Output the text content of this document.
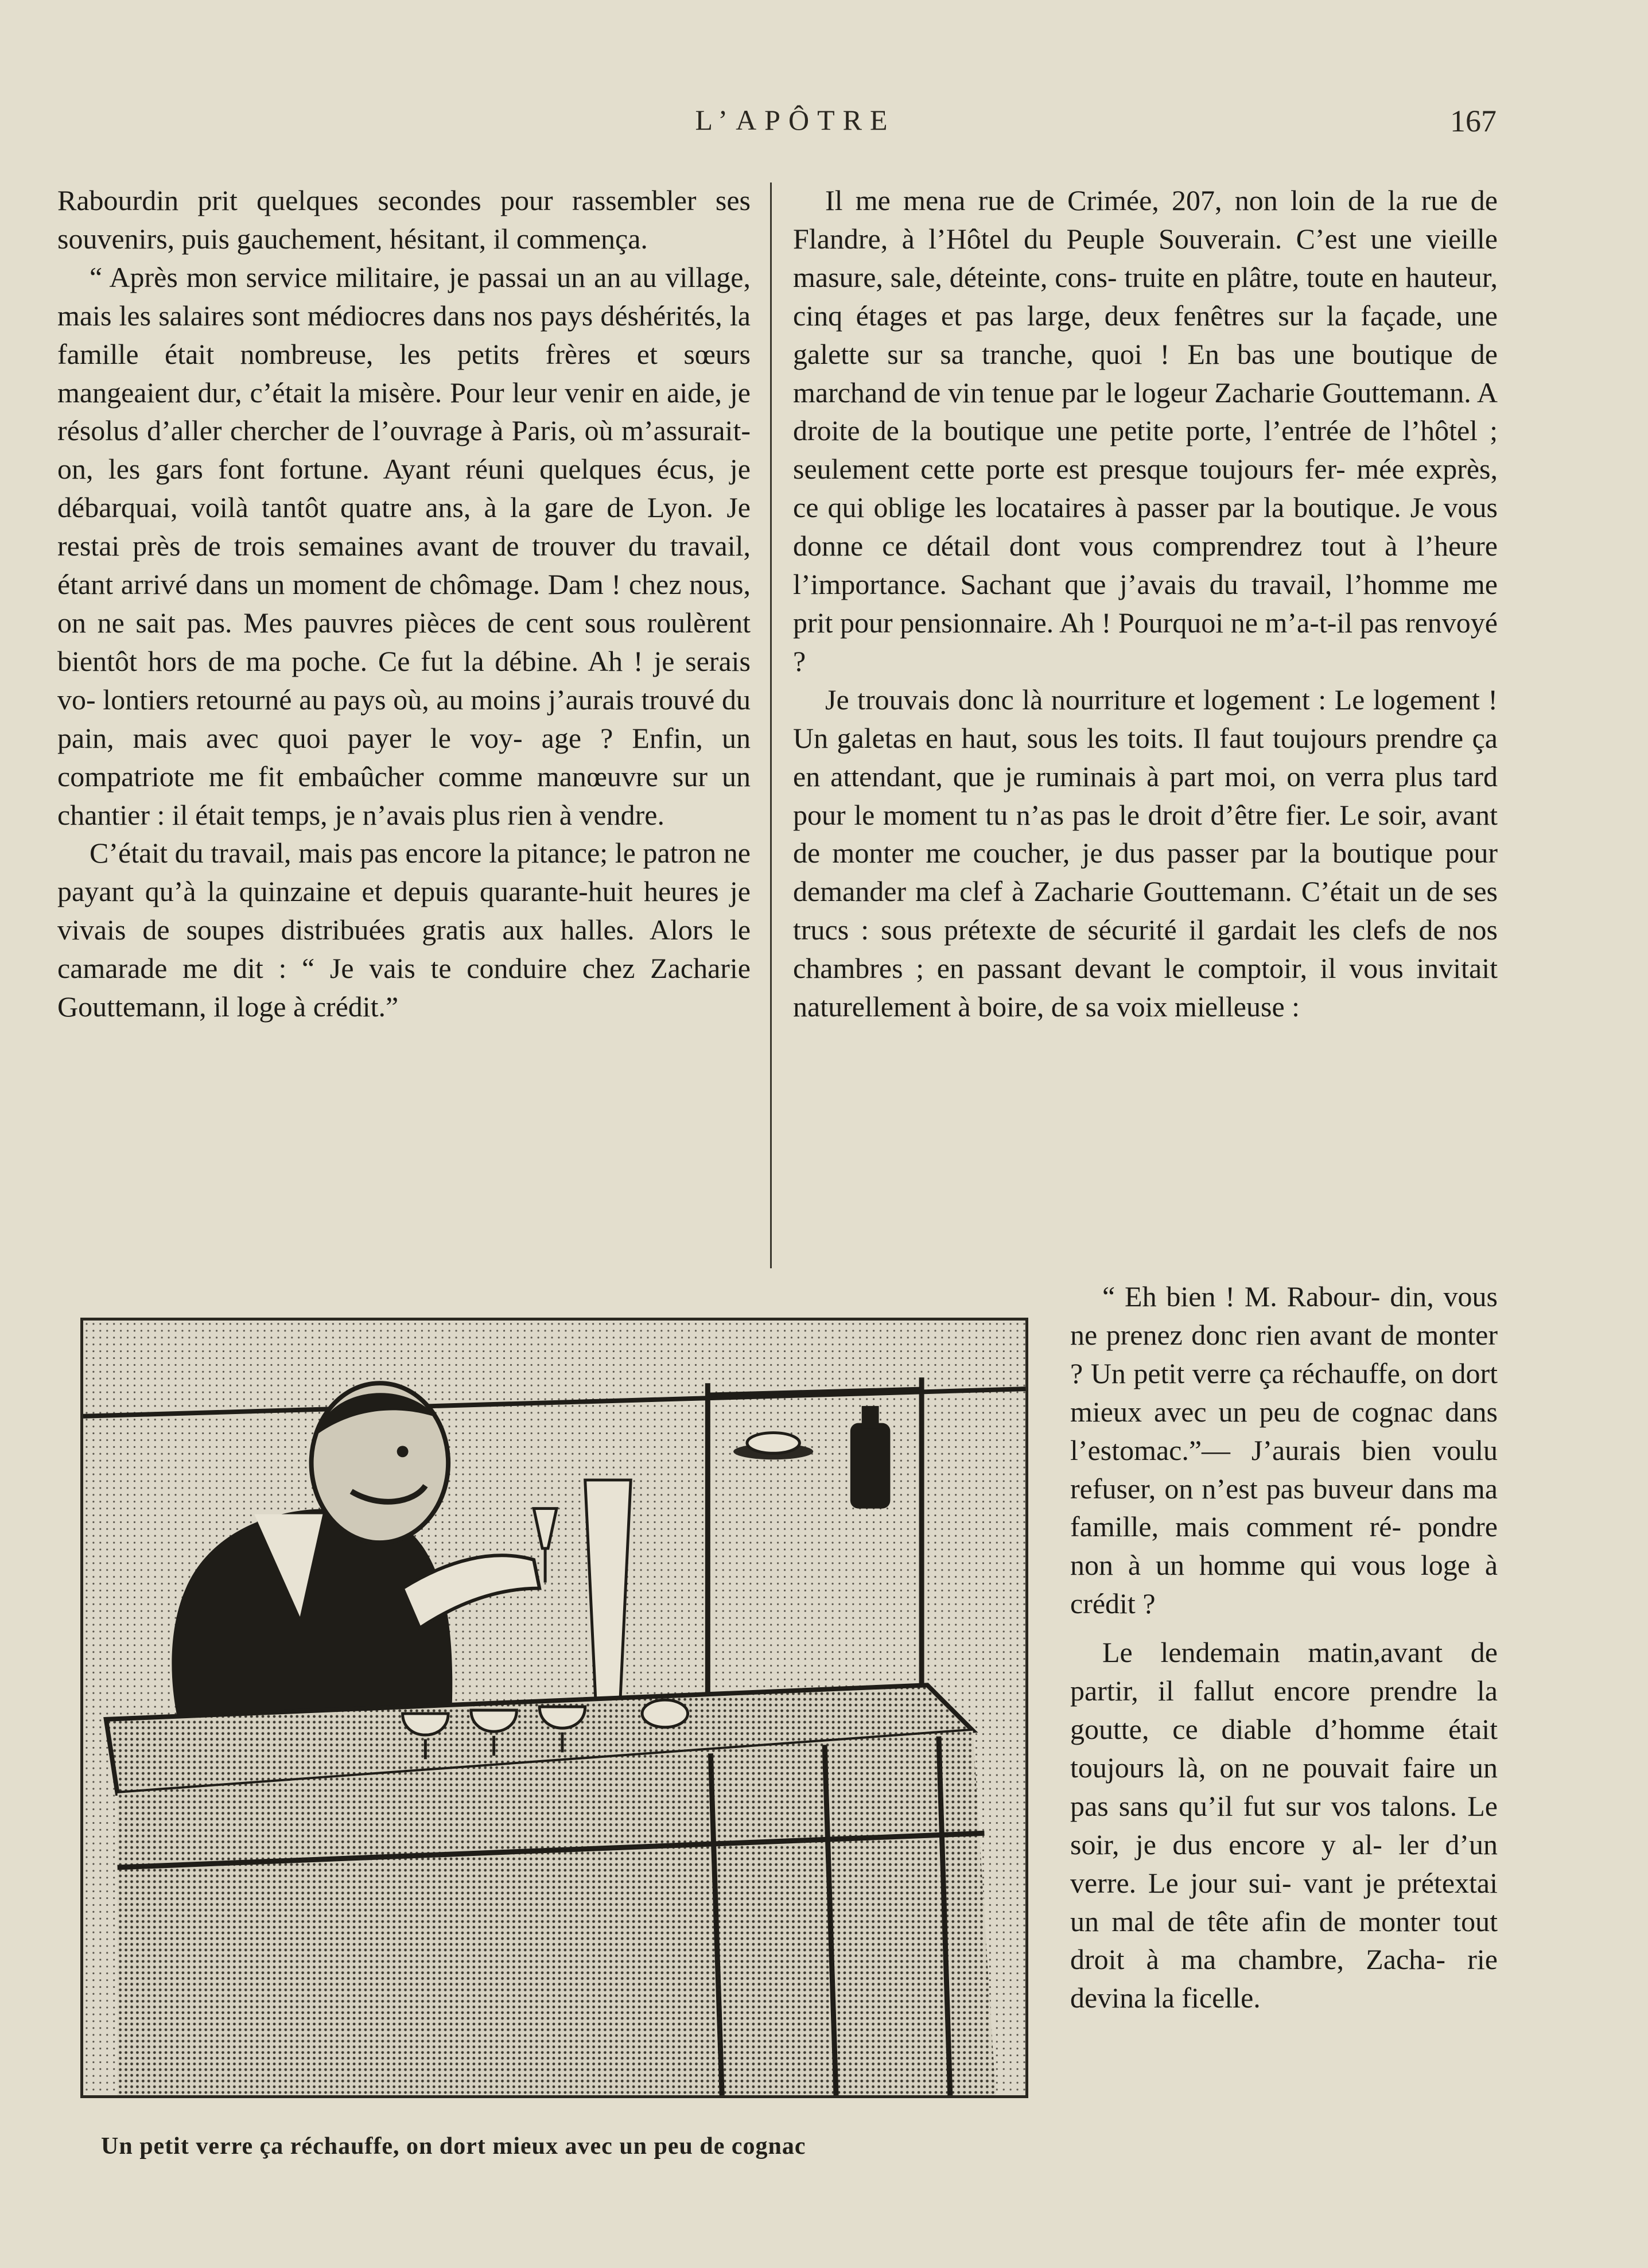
L’APÔTRE	167

Rabourdin prit quelques secondes pour rassembler ses souvenirs, puis gauchement, hésitant, il commença.

“ Après mon service militaire, je passai un an au village, mais les salaires sont médiocres dans nos pays déshérités, la famille était nombreuse, les petits frères et sœurs mangeaient dur, c’était la misère. Pour leur venir en aide, je résolus d’aller chercher de l’ouvrage à Paris, où m’assurait-on, les gars font fortune. Ayant réuni quelques écus, je débarquai, voilà tantôt quatre ans, à la gare de Lyon. Je restai près de trois semaines avant de trouver du travail, étant arrivé dans un moment de chômage. Dam ! chez nous, on ne sait pas. Mes pauvres pièces de cent sous roulèrent bientôt hors de ma poche. Ce fut la débine. Ah ! je serais vo- lontiers retourné au pays où, au moins j’aurais trouvé du pain, mais avec quoi payer le voy- age ? Enfin, un compatriote me fit embaûcher comme manœuvre sur un chantier : il était temps, je n’avais plus rien à vendre.

C’était du travail, mais pas encore la pitance; le patron ne payant qu’à la quinzaine et depuis quarante-huit heures je vivais de soupes distribuées gratis aux halles. Alors le camarade me dit : “ Je vais te conduire chez Zacharie Gouttemann, il loge à crédit.”

Il me mena rue de Crimée, 207, non loin de la rue de Flandre, à l’Hôtel du Peuple Souverain. C’est une vieille masure, sale, déteinte, cons- truite en plâtre, toute en hauteur, cinq étages et pas large, deux fenêtres sur la façade, une galette sur sa tranche, quoi ! En bas une boutique de marchand de vin tenue par le logeur Zacharie Gouttemann. A droite de la boutique une petite porte, l’entrée de l’hôtel ; seulement cette porte est presque toujours fer- mée exprès, ce qui oblige les locataires à passer par la boutique. Je vous donne ce détail dont vous comprendrez tout à l’heure l’importance. Sachant que j’avais du travail, l’homme me prit pour pensionnaire. Ah ! Pourquoi ne m’a-t-il pas renvoyé ?

Je trouvais donc là nourriture et logement : Le logement ! Un galetas en haut, sous les toits. Il faut toujours prendre ça en attendant, que je ruminais à part moi, on verra plus tard pour le moment tu n’as pas le droit d’être fier. Le soir, avant de monter me coucher, je dus passer par la boutique pour demander ma clef à Zacharie Gouttemann. C’était un de ses trucs : sous prétexte de sécurité il gardait les clefs de nos chambres ; en passant devant le comptoir, il vous invitait naturellement à boire, de sa voix mielleuse :

Un petit verre ça réchauffe, on dort mieux avec un peu de cognac

“ Eh bien ! M. Rabour- din, vous ne prenez donc rien avant de monter ? Un petit verre ça réchauffe, on dort mieux avec un peu de cognac dans l’estomac.”— J’aurais bien voulu refuser, on n’est pas buveur dans ma famille, mais comment ré- pondre non à un homme qui vous loge à crédit ?

Le lendemain matin,avant de partir, il fallut encore prendre la goutte, ce diable d’homme était toujours là, on ne pouvait faire un pas sans qu’il fut sur vos talons. Le soir, je dus encore y al- ler d’un verre. Le jour sui- vant je prétextai un mal de tête afin de monter tout droit à ma chambre, Zacha- rie devina la ficelle.
